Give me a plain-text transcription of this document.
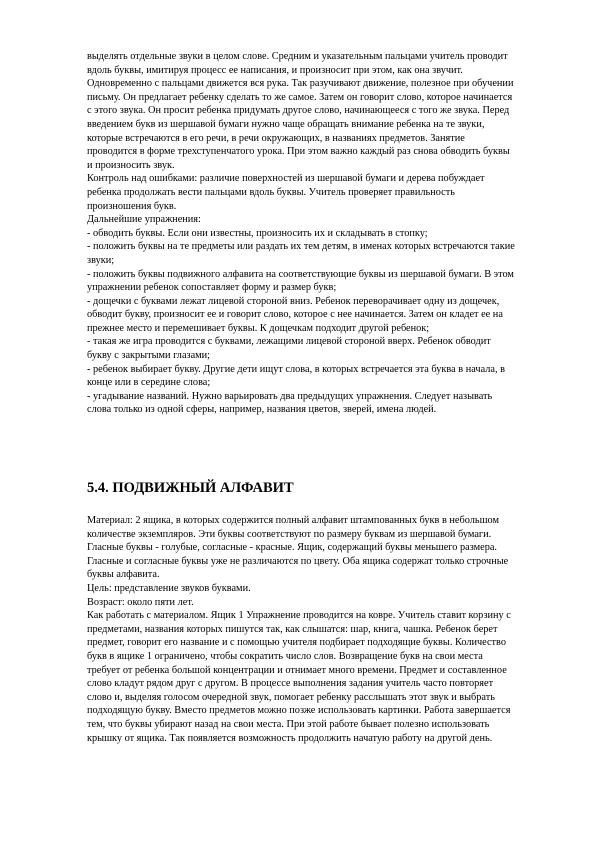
выделять отдельные звуки в целом слове. Средним и указательным пальцами учитель проводит вдоль буквы, имитируя процесс ее написания, и произносит при этом, как она звучит. Одновременно с пальцами движется вся рука. Так разучивают движение, полезное при обучении письму. Он предлагает ребенку сделать то же самое. Затем он говорит слово, которое начинается с этого звука. Он просит ребенка придумать другое слово, начинающееся с того же звука. Перед введением букв из шершавой бумаги нужно чаще обращать внимание ребенка на те звуки, которые встречаются в его речи, в речи окружающих, в названиях предметов. Занятие проводится в форме трехступенчатого урока. При этом важно каждый раз снова обводить буквы и произносить звук.

Контроль над ошибками: различие поверхностей из шершавой бумаги и дерева побуждает ребенка продолжать вести пальцами вдоль буквы. Учитель проверяет правильность произношения букв.

Дальнейшие упражнения:

- обводить буквы. Если они известны, произносить их и складывать в стопку;

- положить буквы на те предметы или раздать их тем детям, в именах которых встречаются такие звуки;

- положить буквы подвижного алфавита на соответствующие буквы из шершавой бумаги. В этом упражнении ребенок сопоставляет форму и размер букв;

- дощечки с буквами лежат лицевой стороной вниз. Ребенок переворачивает одну из дощечек, обводит букву, произносит ее и говорит слово, которое с нее начинается. Затем он кладет ее на прежнее место и перемешивает буквы. К дощечкам подходит другой ребенок;

- такая же игра проводится с буквами, лежащими лицевой стороной вверх. Ребенок обводит букву с закрытыми глазами;

- ребенок выбирает букву. Другие дети ищут слова, в которых встречается эта буква в начала, в конце или в середине слова;

- угадывание названий. Нужно варьировать два предыдущих упражнения. Следует называть слова только из одной сферы, например, названия цветов, зверей, имена людей.

5.4. ПОДВИЖНЫЙ АЛФАВИТ

Материал: 2 ящика, в которых содержится полный алфавит штампованных букв в небольшом количестве экземпляров. Эти буквы соответствуют по размеру буквам из шершавой бумаги. Гласные буквы - голубые, согласные - красные. Ящик, содержащий буквы меньшего размера. Гласные и согласные буквы уже не различаются по цвету. Оба ящика содержат только строчные буквы алфавита.

Цель: представление звуков буквами.

Возраст: около пяти лет.

Как работать с материалом. Ящик 1 Упражнение проводится на ковре. Учитель ставит корзину с предметами, названия которых пишутся так, как слышатся: шар, книга, чашка. Ребенок берет предмет, говорит его название и с помощью учителя подбирает подходящие буквы. Количество букв в ящике 1 ограничено, чтобы сократить число слов. Возвращение букв на свои места требует от ребенка большой концентрации и отнимает много времени. Предмет и составленное слово кладут рядом друг с другом. В процессе выполнения задания учитель часто повторяет слово и, выделяя голосом очередной звук, помогает ребенку расслышать этот звук и выбрать подходящую букву. Вместо предметов можно позже использовать картинки. Работа завершается тем, что буквы убирают назад на свои места. При этой работе бывает полезно использовать крышку от ящика. Так появляется возможность продолжить начатую работу на другой день.
